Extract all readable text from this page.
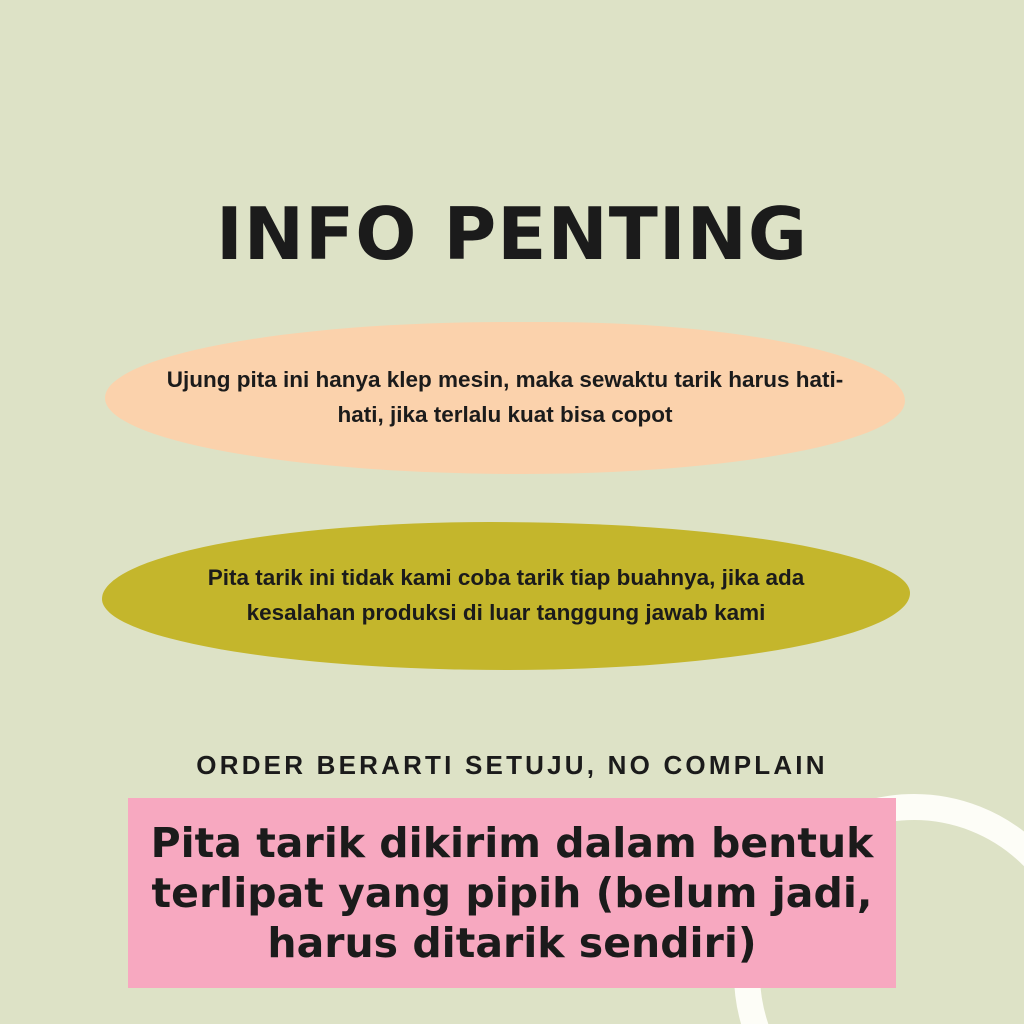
INFO PENTING
Ujung pita ini hanya klep mesin, maka sewaktu tarik harus hati-hati, jika terlalu kuat bisa copot
Pita tarik ini tidak kami coba tarik tiap buahnya, jika ada kesalahan produksi di luar tanggung jawab kami
ORDER BERARTI SETUJU, NO COMPLAIN
Pita tarik dikirim dalam bentuk terlipat yang pipih (belum jadi, harus ditarik sendiri)
